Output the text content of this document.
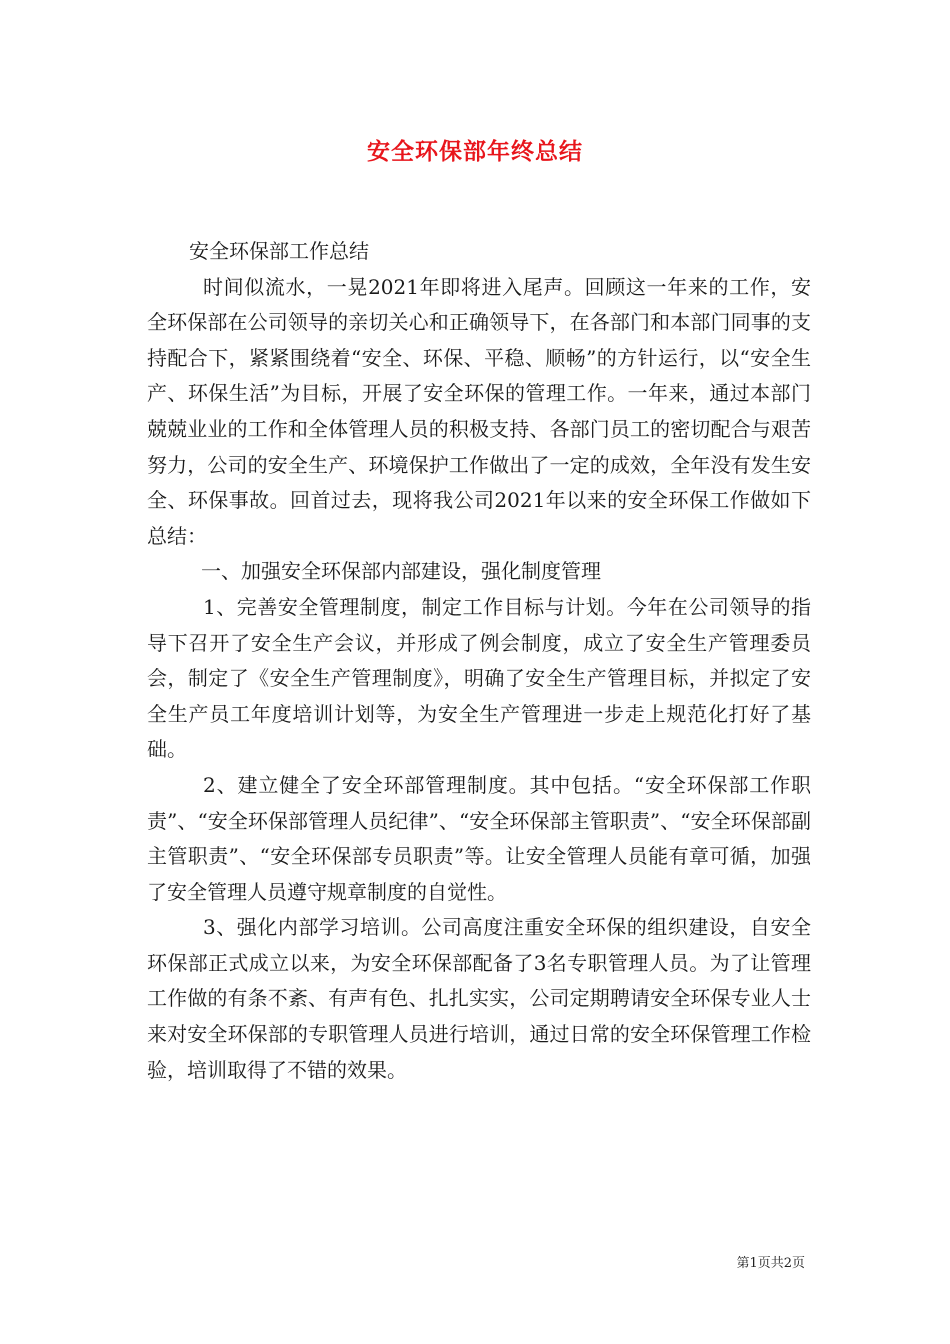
安全环保部年终总结

安全环保部工作总结

时间似流水，一晃2021年即将进入尾声。回顾这一年来的工作，安全环保部在公司领导的亲切关心和正确领导下，在各部门和本部门同事的支持配合下，紧紧围绕着“安全、环保、平稳、顺畅”的方针运行，以“安全生产、环保生活”为目标，开展了安全环保的管理工作。一年来，通过本部门兢兢业业的工作和全体管理人员的积极支持、各部门员工的密切配合与艰苦努力，公司的安全生产、环境保护工作做出了一定的成效，全年没有发生安全、环保事故。回首过去，现将我公司2021年以来的安全环保工作做如下总结：

一、加强安全环保部内部建设，强化制度管理

1、完善安全管理制度，制定工作目标与计划。今年在公司领导的指导下召开了安全生产会议，并形成了例会制度，成立了安全生产管理委员会，制定了《安全生产管理制度》，明确了安全生产管理目标，并拟定了安全生产员工年度培训计划等，为安全生产管理进一步走上规范化打好了基础。

2、建立健全了安全环部管理制度。其中包括。“安全环保部工作职责”、“安全环保部管理人员纪律”、“安全环保部主管职责”、“安全环保部副主管职责”、“安全环保部专员职责”等。让安全管理人员能有章可循，加强了安全管理人员遵守规章制度的自觉性。

3、强化内部学习培训。公司高度注重安全环保的组织建设，自安全环保部正式成立以来，为安全环保部配备了3名专职管理人员。为了让管理工作做的有条不紊、有声有色、扎扎实实，公司定期聘请安全环保专业人士来对安全环保部的专职管理人员进行培训，通过日常的安全环保管理工作检验，培训取得了不错的效果。

第1页共2页
